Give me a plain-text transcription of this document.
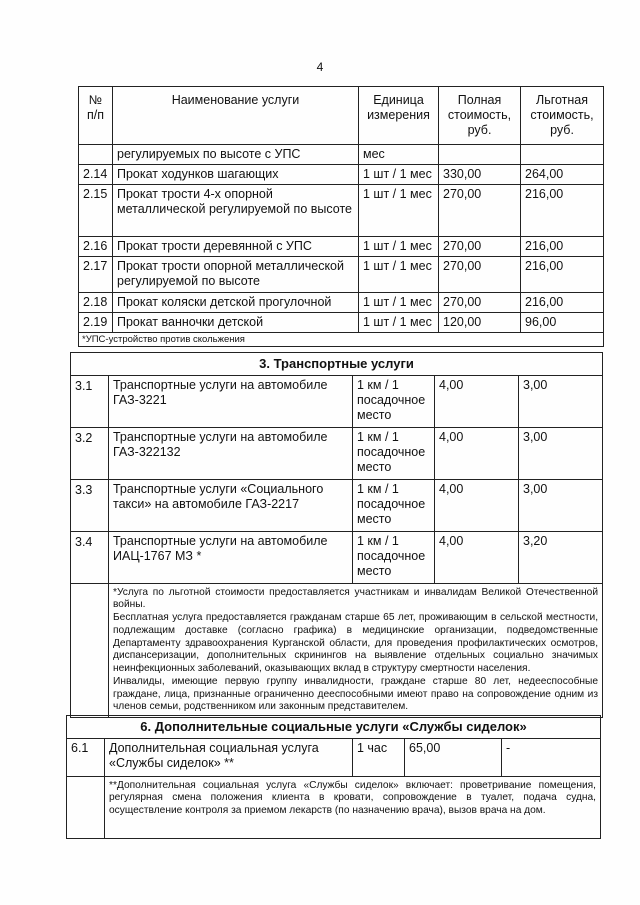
4
№ п/п	Наименование услуги	Единица измерения	Полная стоимость, руб.	Льготная стоимость, руб.
	регулируемых по высоте с УПС	мес		
2.14	Прокат ходунков шагающих	1 шт / 1 мес	330,00	264,00
2.15	Прокат трости 4-х опорной металлической регулируемой по высоте	1 шт / 1 мес	270,00	216,00
2.16	Прокат трости деревянной с УПС	1 шт / 1 мес	270,00	216,00
2.17	Прокат трости опорной металлической регулируемой по высоте	1 шт / 1 мес	270,00	216,00
2.18	Прокат коляски детской прогулочной	1 шт / 1 мес	270,00	216,00
2.19	Прокат ванночки детской	1 шт / 1 мес	120,00	96,00
*УПС-устройство против скольжения				
3. Транспортные услуги				
3.1	Транспортные услуги на автомобиле ГАЗ-3221	1 км / 1 посадочное место	4,00	3,00
3.2	Транспортные услуги на автомобиле ГАЗ-322132	1 км / 1 посадочное место	4,00	3,00
3.3	Транспортные услуги «Социального такси» на автомобиле ГАЗ-2217	1 км / 1 посадочное место	4,00	3,00
3.4	Транспортные услуги на автомобиле ИАЦ-1767 МЗ *	1 км / 1 посадочное место	4,00	3,20

	*Услуга по льготной стоимости предоставляется участникам и инвалидам Великой Отечественной войны.

Бесплатная услуга предоставляется гражданам старше 65 лет, проживающим в сельской местности, подлежащим доставке (согласно графика) в медицинские организации, подведомственные Департаменту здравоохранения Курганской области, для проведения профилактических осмотров, диспансеризации, дополнительных скринингов на выявление отдельных социально значимых неинфекционных заболеваний, оказывающих вклад в структуру смертности населения.

Инвалиды, имеющие первую группу инвалидности, граждане старше 80 лет, недееспособные граждане, лица, признанные ограниченно дееспособными имеют право на сопровождение одним из членов семьи, родственником или законным представителем.			

6. Дополнительные социальные услуги «Службы сиделок»				
6.1	Дополнительная социальная услуга «Службы сиделок» **	1 час	65,00	-
	**Дополнительная социальная услуга «Службы сиделок» включает: проветривание помещения, регулярная смена положения клиента в кровати, сопровождение в туалет, подача судна, осуществление контроля за приемом лекарств (по назначению врача), вызов врача на дом.			
